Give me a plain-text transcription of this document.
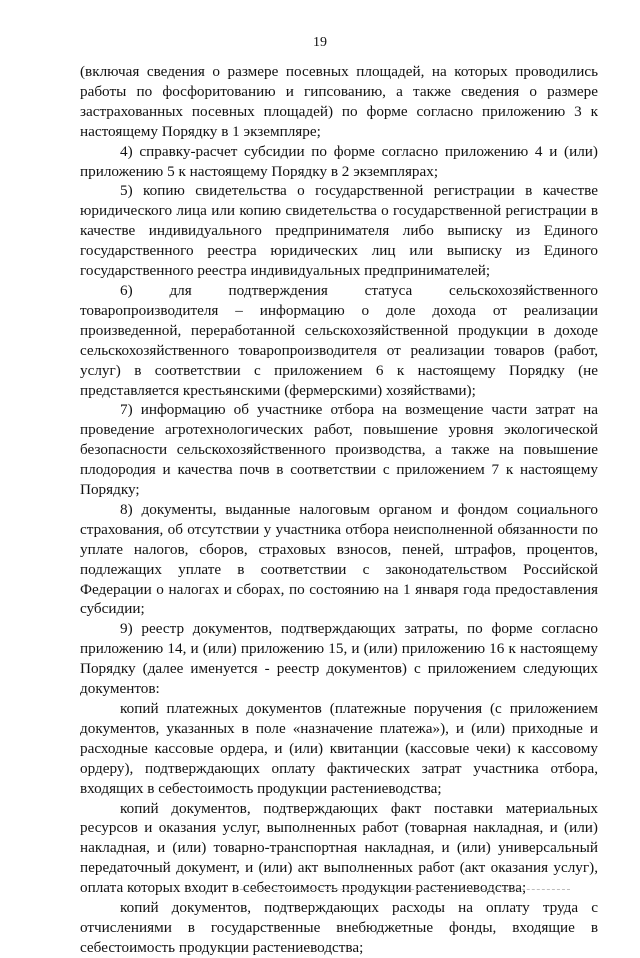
19

(включая сведения о размере посевных площадей, на которых проводились работы по фосфоритованию и гипсованию, а также сведения о размере застрахованных посевных площадей) по форме согласно приложению 3 к настоящему Порядку в 1 экземпляре;

4) справку-расчет субсидии по форме согласно приложению 4 и (или) приложению 5 к настоящему Порядку в 2 экземплярах;

5) копию свидетельства о государственной регистрации в качестве юридического лица или копию свидетельства о государственной регистрации в качестве индивидуального предпринимателя либо выписку из Единого государственного реестра юридических лиц или выписку из Единого государственного реестра индивидуальных предпринимателей;

6) для подтверждения статуса сельскохозяйственного товаропроизводителя – информацию о доле дохода от реализации произведенной, переработанной сельскохозяйственной продукции в доходе сельскохозяйственного товаропроизводителя от реализации товаров (работ, услуг) в соответствии с приложением 6 к настоящему Порядку (не представляется крестьянскими (фермерскими) хозяйствами);

7) информацию об участнике отбора на возмещение части затрат на проведение агротехнологических работ, повышение уровня экологической безопасности сельскохозяйственного производства, а также на повышение плодородия и качества почв в соответствии с приложением 7 к настоящему Порядку;

8) документы, выданные налоговым органом и фондом социального страхования, об отсутствии у участника отбора неисполненной обязанности по уплате налогов, сборов, страховых взносов, пеней, штрафов, процентов, подлежащих уплате в соответствии с законодательством Российской Федерации о налогах и сборах, по состоянию на 1 января года предоставления субсидии;

9) реестр документов, подтверждающих затраты, по форме согласно приложению 14, и (или) приложению 15, и (или) приложению 16 к настоящему Порядку (далее именуется - реестр документов) с приложением следующих документов:

копий платежных документов (платежные поручения (с приложением документов, указанных в поле «назначение платежа»), и (или) приходные и расходные кассовые ордера, и (или) квитанции (кассовые чеки) к кассовому ордеру), подтверждающих оплату фактических затрат участника отбора, входящих в себестоимость продукции растениеводства;

копий документов, подтверждающих факт поставки материальных ресурсов и оказания услуг, выполненных работ (товарная накладная, и (или) накладная, и (или) товарно-транспортная накладная, и (или) универсальный передаточный документ, и (или) акт выполненных работ (акт оказания услуг), оплата которых входит в себестоимость продукции растениеводства;

копий документов, подтверждающих расходы на оплату труда с отчислениями в государственные внебюджетные фонды, входящие в себестоимость продукции растениеводства;
